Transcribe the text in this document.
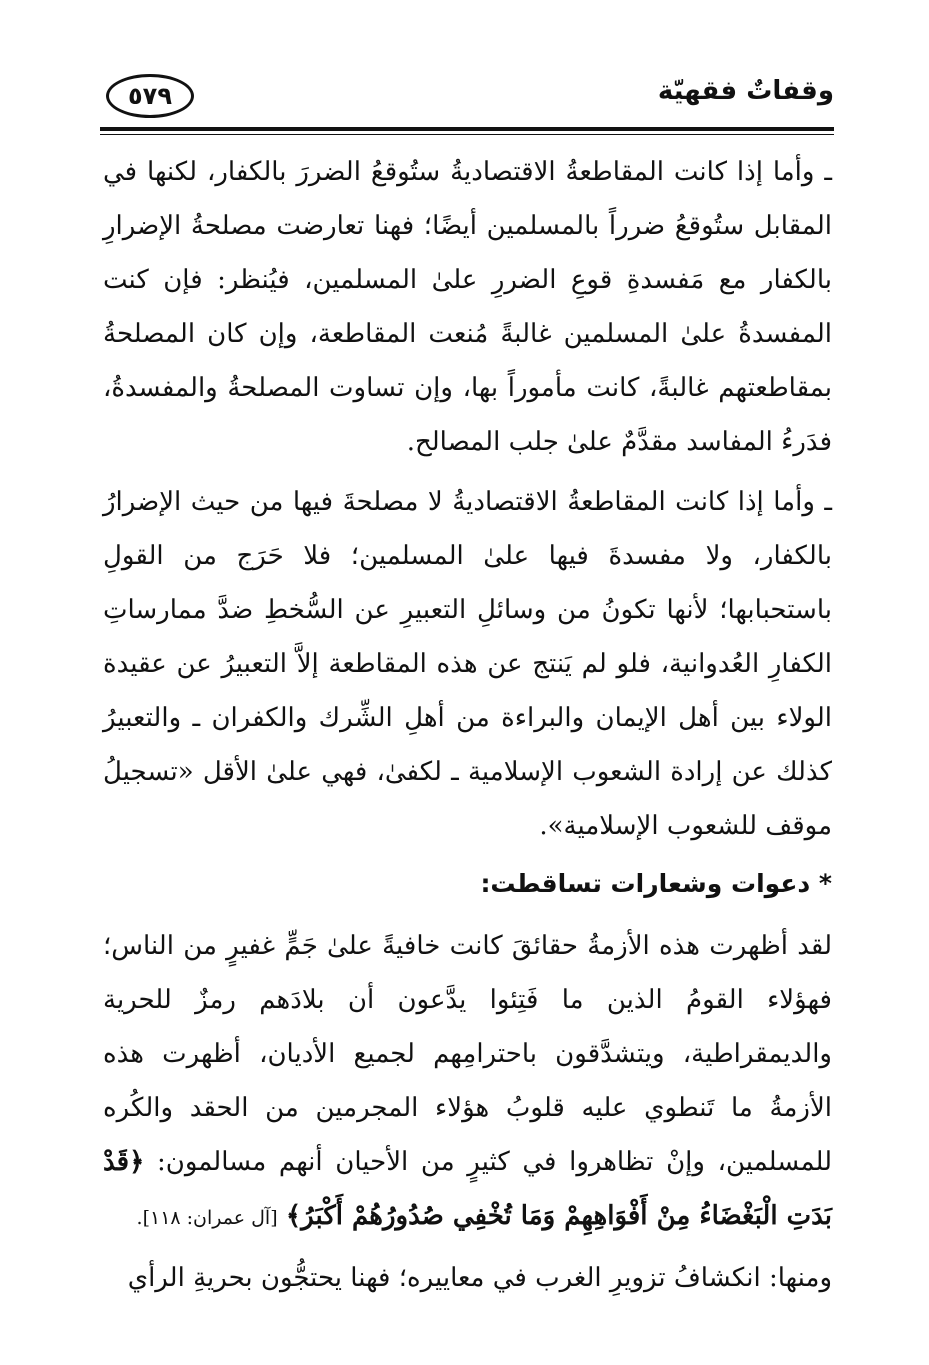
وقفاتٌ فقهيّة
٥٧٩

ـ وأما إذا كانت المقاطعةُ الاقتصاديةُ ستُوقعُ الضررَ بالكفار، لكنها في المقابل ستُوقعُ ضرراً بالمسلمين أيضًا؛ فهنا تعارضت مصلحةُ الإضرارِ بالكفار مع مَفسدةِ قوعِ الضررِ علىٰ المسلمين، فيُنظر: فإن كنت المفسدةُ علىٰ المسلمين غالبةً مُنعت المقاطعة، وإن كان المصلحةُ بمقاطعتهم غالبةً، كانت مأموراً بها، وإن تساوت المصلحةُ والمفسدةُ، فدَرءُ المفاسد مقدَّمٌ علىٰ جلب المصالح.

ـ وأما إذا كانت المقاطعةُ الاقتصاديةُ لا مصلحةَ فيها من حيث الإضرارُ بالكفار، ولا مفسدةَ فيها علىٰ المسلمين؛ فلا حَرَج من القولِ باستحبابها؛ لأنها تكونُ من وسائلِ التعبيرِ عن السُّخطِ ضدَّ ممارساتِ الكفارِ العُدوانية، فلو لم يَنتج عن هذه المقاطعة إلاَّ التعبيرُ عن عقيدة الولاء بين أهل الإيمان والبراءة من أهلِ الشِّرك والكفران ـ والتعبيرُ كذلك عن إرادة الشعوب الإسلامية ـ لكفىٰ، فهي علىٰ الأقل «تسجيلُ موقف للشعوب الإسلامية».

* دعوات وشعارات تساقطت:

لقد أظهرت هذه الأزمةُ حقائقَ كانت خافيةً علىٰ جَمٍّ غفيرٍ من الناس؛ فهؤلاء القومُ الذين ما فَتِئوا يدَّعون أن بلادَهم رمزٌ للحرية والديمقراطية، ويتشدَّقون باحترامِهم لجميع الأديان، أظهرت هذه الأزمةُ ما تَنطوي عليه قلوبُ هؤلاء المجرمين من الحقد والكُره للمسلمين، وإنْ تظاهروا في كثيرٍ من الأحيان أنهم مسالمون: ﴿قَدْ بَدَتِ الْبَغْضَاءُ مِنْ أَفْوَاهِهِمْ وَمَا تُخْفِي صُدُورُهُمْ أَكْبَرُ﴾ [آل عمران: ١١٨].

ومنها: انكشافُ تزويرِ الغرب في معاييره؛ فهنا يحتجُّون بحريةِ الرأي
